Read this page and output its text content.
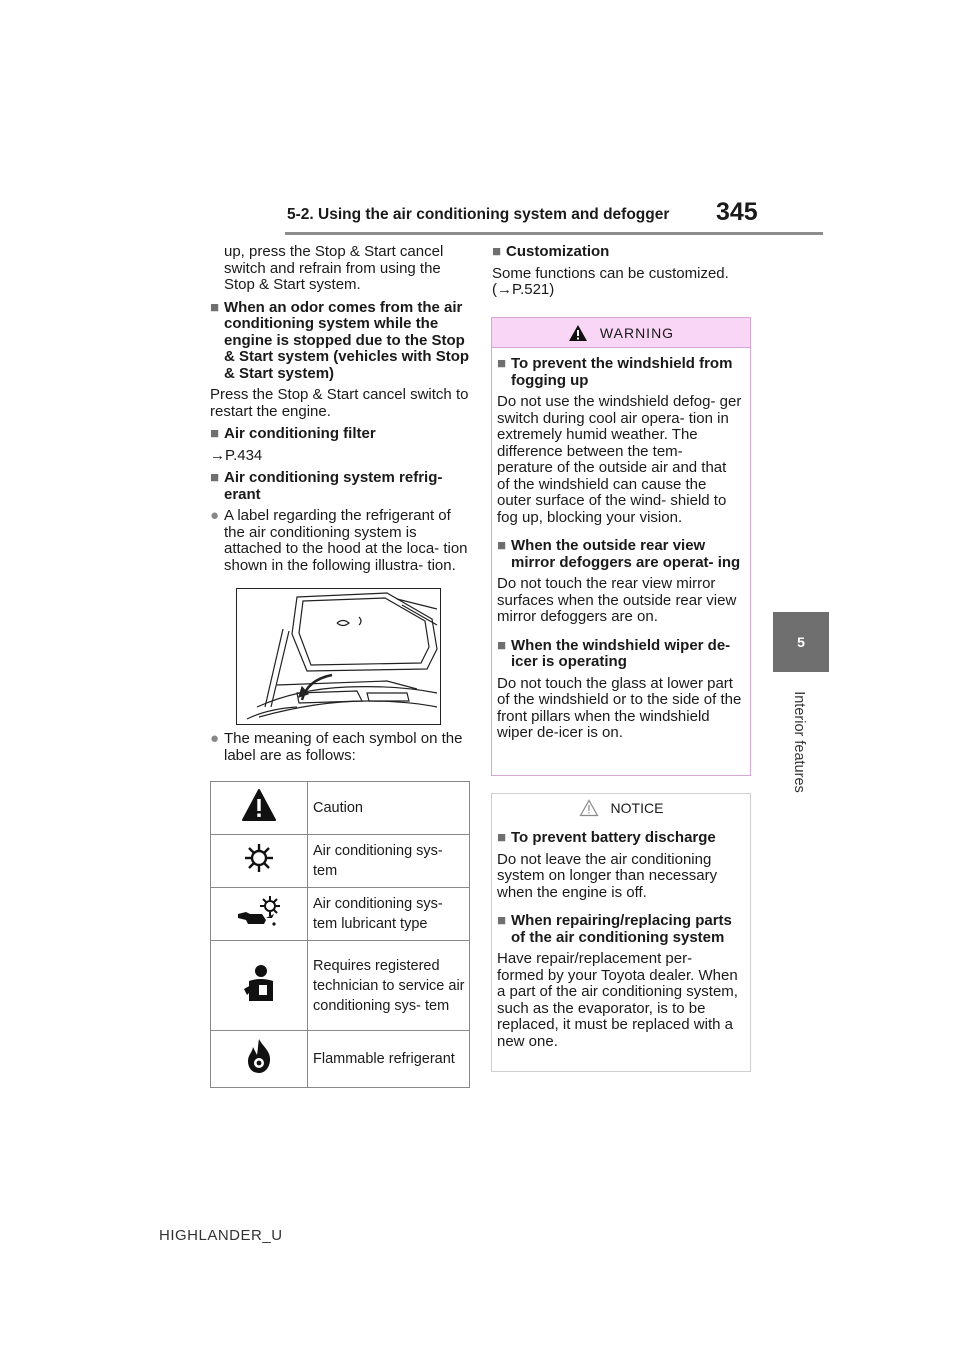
5-2. Using the air conditioning system and defogger 345
5
Interior features

up, press the Stop & Start cancel switch and refrain from using the Stop & Start system.

■ When an odor comes from the air conditioning system while the engine is stopped due to the Stop & Start system (vehicles with Stop & Start system)

Press the Stop & Start cancel switch to restart the engine.

■ Air conditioning filter

→P.434

■ Air conditioning system refrig- erant
● A label regarding the refrigerant of the air conditioning system is attached to the hood at the loca- tion shown in the following illustra- tion.
● The meaning of each symbol on the label are as follows:
	Caution
	Air conditioning sys- tem
	Air conditioning sys- tem lubricant type
	Requires registered technician to service air conditioning sys- tem
	Flammable refrigerant
■ Customization

Some functions can be customized. (→P.521)

WARNING
■ To prevent the windshield from fogging up

Do not use the windshield defog- ger switch during cool air opera- tion in extremely humid weather. The difference between the tem- perature of the outside air and that of the windshield can cause the outer surface of the wind- shield to fog up, blocking your vision.

■ When the outside rear view mirror defoggers are operat- ing

Do not touch the rear view mirror surfaces when the outside rear view mirror defoggers are on.

■ When the windshield wiper de-icer is operating

Do not touch the glass at lower part of the windshield or to the side of the front pillars when the windshield wiper de-icer is on.

NOTICE
■ To prevent battery discharge

Do not leave the air conditioning system on longer than necessary when the engine is off.

■ When repairing/replacing parts of the air conditioning system

Have repair/replacement per- formed by your Toyota dealer. When a part of the air conditioning system, such as the evaporator, is to be replaced, it must be replaced with a new one.

HIGHLANDER_U
